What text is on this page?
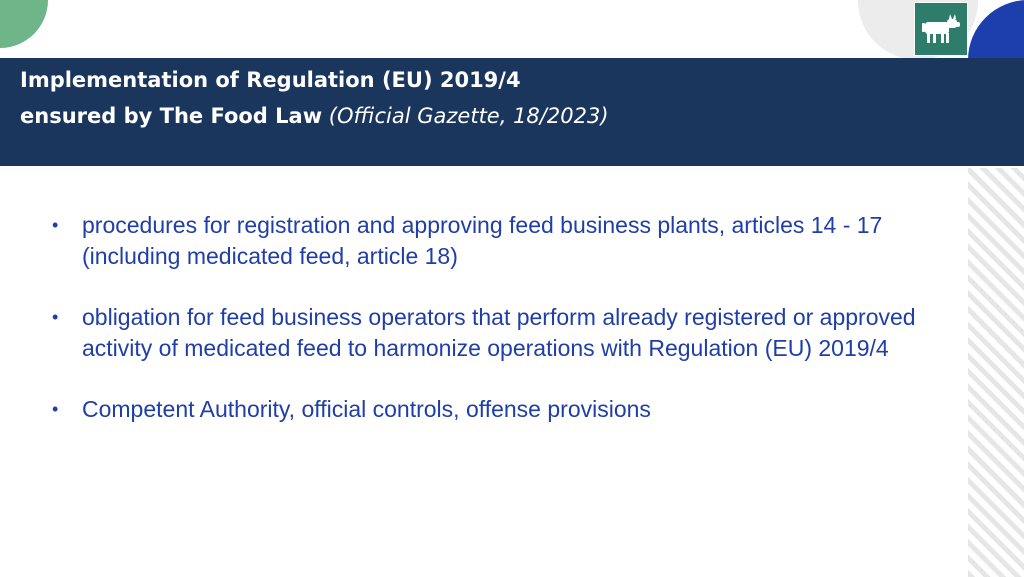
Implementation of Regulation (EU) 2019/4
ensured by The Food Law (Official Gazette, 18/2023)
•	procedures for registration and approving feed business plants, articles 14 - 17 (including medicated feed, article 18)
•	obligation for feed business operators that perform already registered or approved activity of medicated feed to harmonize operations with Regulation (EU) 2019/4
•	Competent Authority, official controls, offense provisions
